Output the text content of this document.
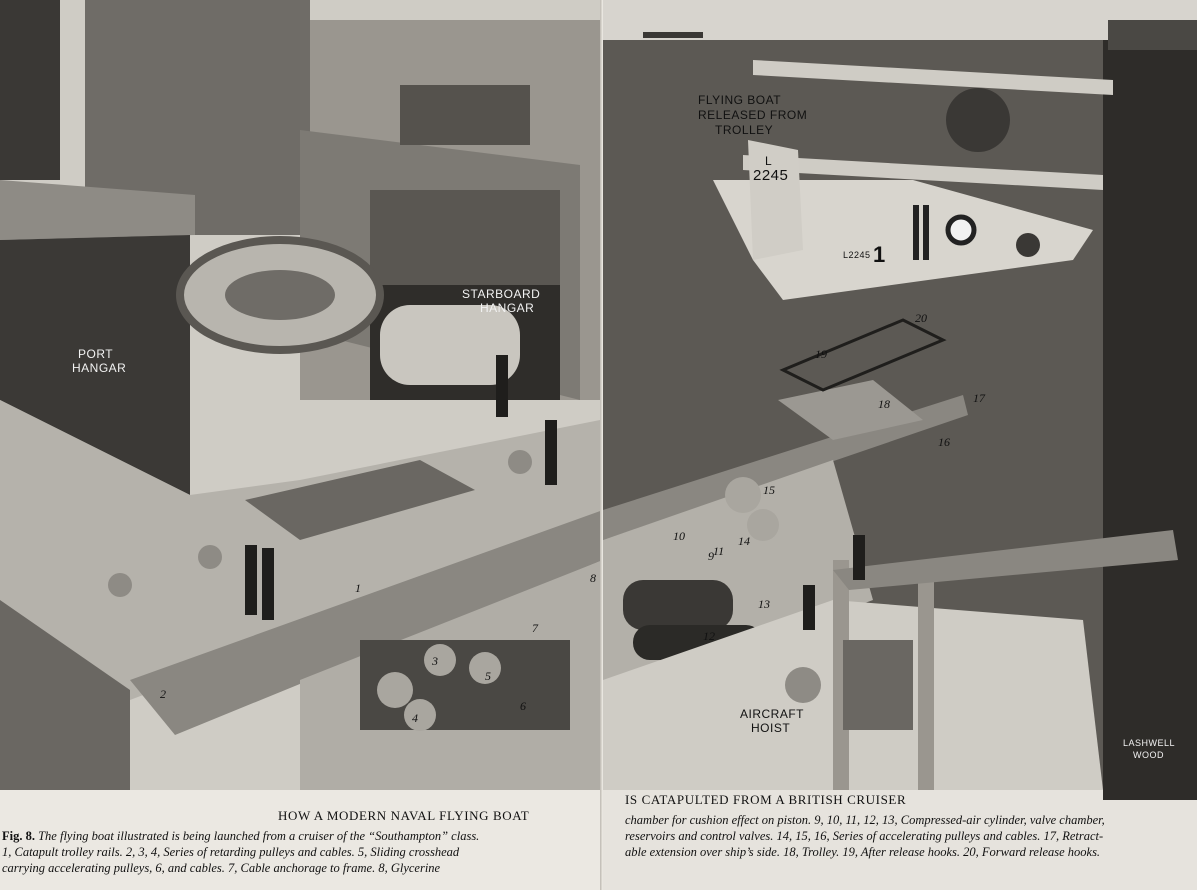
PORT
HANGAR
STARBOARD
HANGAR
1
2
3
4
5
6
7
8
HOW A MODERN NAVAL FLYING BOAT
Fig. 8. The flying boat illustrated is being launched from a cruiser of the “Southampton” class.
1, Catapult trolley rails. 2, 3, 4, Series of retarding pulleys and cables. 5, Sliding crosshead
carrying accelerating pulleys, 6, and cables. 7, Cable anchorage to frame. 8, Glycerine
L
2245
L2245 1
FLYING BOAT
RELEASED FROM
TROLLEY
AIRCRAFT
HOIST
LASHWELL
WOOD
9
10
11
12
13
14
15
16
17
18
19
20
IS CATAPULTED FROM A BRITISH CRUISER
chamber for cushion effect on piston. 9, 10, 11, 12, 13, Compressed-air cylinder, valve chamber,
reservoirs and control valves. 14, 15, 16, Series of accelerating pulleys and cables. 17, Retract-
able extension over ship’s side. 18, Trolley. 19, After release hooks. 20, Forward release hooks.
